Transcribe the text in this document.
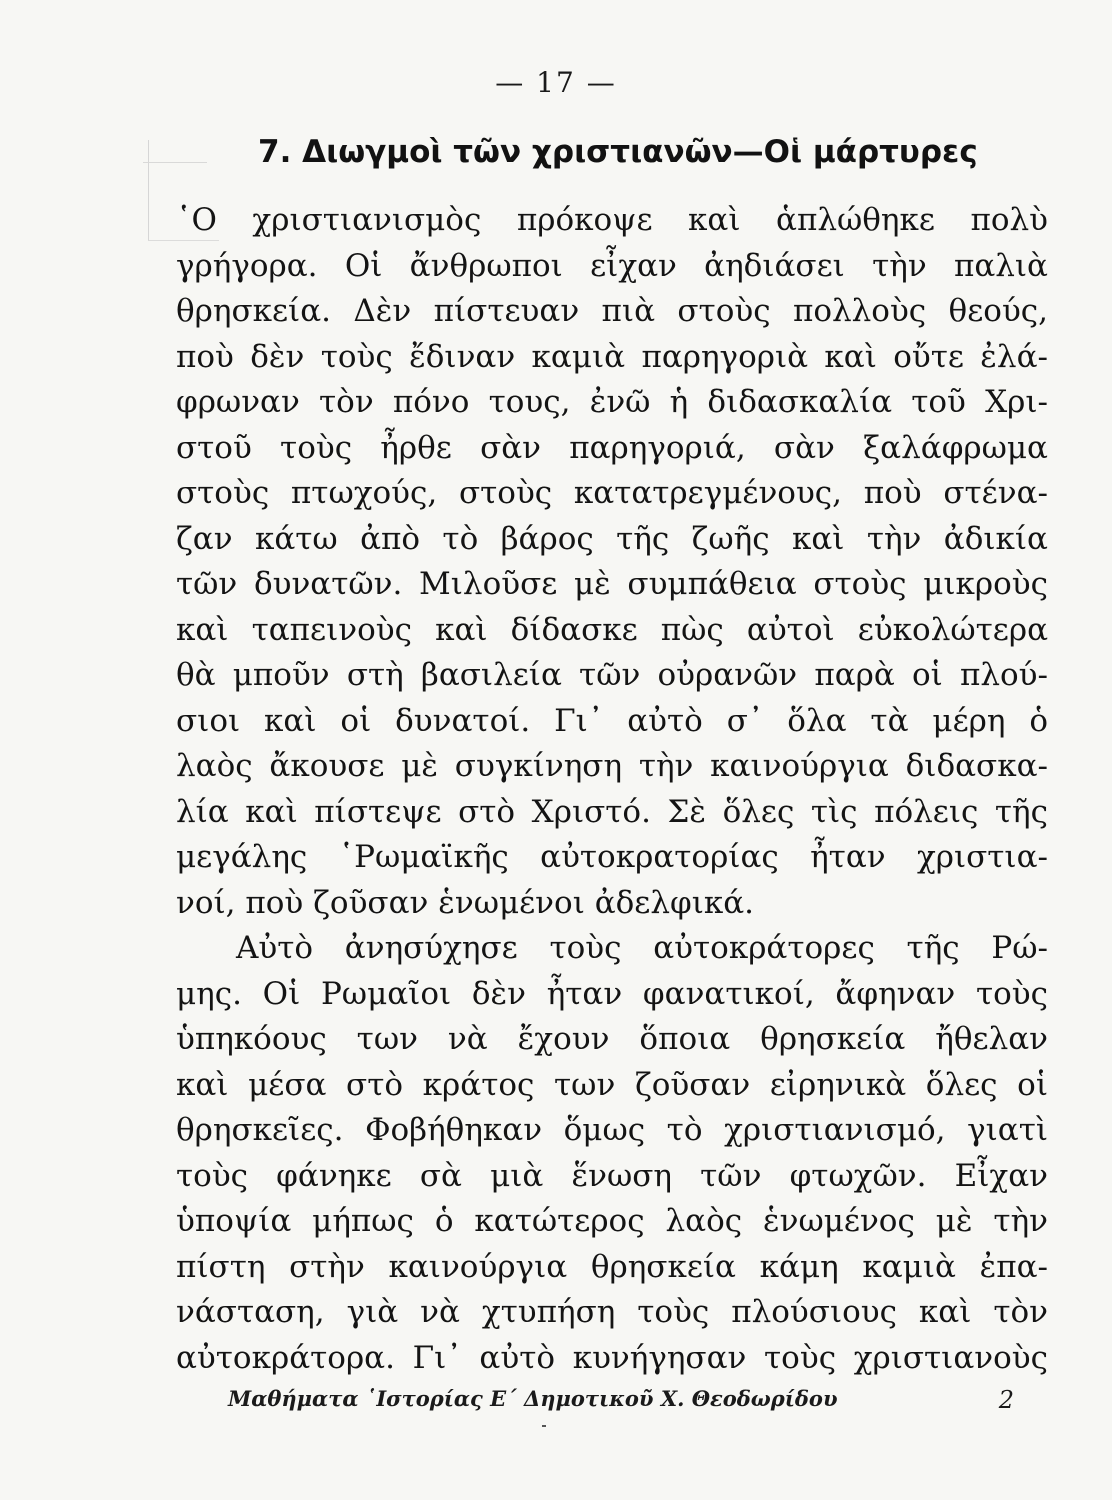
— 17 —
7. Διωγμοὶ τῶν χριστιανῶν—Οἱ μάρτυρες
῾Ο χριστιανισμὸς πρόκοψε καὶ ἁπλώθηκε πολὺ
γρήγορα. Οἱ ἄνθρωποι εἶχαν ἀηδιάσει τὴν παλιὰ
θρησκεία. Δὲν πίστευαν πιὰ στοὺς πολλοὺς θεούς,
ποὺ δὲν τοὺς ἔδιναν καμιὰ παρηγοριὰ καὶ οὔτε ἐλά-
φρωναν τὸν πόνο τους, ἐνῶ ἡ διδασκαλία τοῦ Χρι-
στοῦ τοὺς ἦρθε σὰν παρηγοριά, σὰν ξαλάφρωμα
στοὺς πτωχούς, στοὺς κατατρεγμένους, ποὺ στένα-
ζαν κάτω ἀπὸ τὸ βάρος τῆς ζωῆς καὶ τὴν ἀδικία
τῶν δυνατῶν. Μιλοῦσε μὲ συμπάθεια στοὺς μικροὺς
καὶ ταπεινοὺς καὶ δίδασκε πὼς αὐτοὶ εὐκολώτερα
θὰ μποῦν στὴ βασιλεία τῶν οὐρανῶν παρὰ οἱ πλού-
σιοι καὶ οἱ δυνατοί. Γι᾽ αὐτὸ σ᾽ ὅλα τὰ μέρη ὁ
λαὸς ἄκουσε μὲ συγκίνηση τὴν καινούργια διδασκα-
λία καὶ πίστεψε στὸ Χριστό. Σὲ ὅλες τὶς πόλεις τῆς
μεγάλης ῾Ρωμαϊκῆς αὐτοκρατορίας ἦταν χριστια-
νοί, ποὺ ζοῦσαν ἑνωμένοι ἀδελφικά.
Αὐτὸ ἀνησύχησε τοὺς αὐτοκράτορες τῆς Ρώ-
μης. Οἱ Ρωμαῖοι δὲν ἦταν φανατικοί, ἄφηναν τοὺς
ὑπηκόους των νὰ ἔχουν ὅποια θρησκεία ἤθελαν
καὶ μέσα στὸ κράτος των ζοῦσαν εἰρηνικὰ ὅλες οἱ
θρησκεῖες. Φοβήθηκαν ὅμως τὸ χριστιανισμό, γιατὶ
τοὺς φάνηκε σὰ μιὰ ἕνωση τῶν φτωχῶν. Εἶχαν
ὑποψία μήπως ὁ κατώτερος λαὸς ἑνωμένος μὲ τὴν
πίστη στὴν καινούργια θρησκεία κάμη καμιὰ ἐπα-
νάσταση, γιὰ νὰ χτυπήση τοὺς πλούσιους καὶ τὸν
αὐτοκράτορα. Γι᾽ αὐτὸ κυνήγησαν τοὺς χριστιανοὺς
Μαθήματα ῾Ιστορίας Ε΄ Δημοτικοῦ Χ. Θεοδωρίδου	2
